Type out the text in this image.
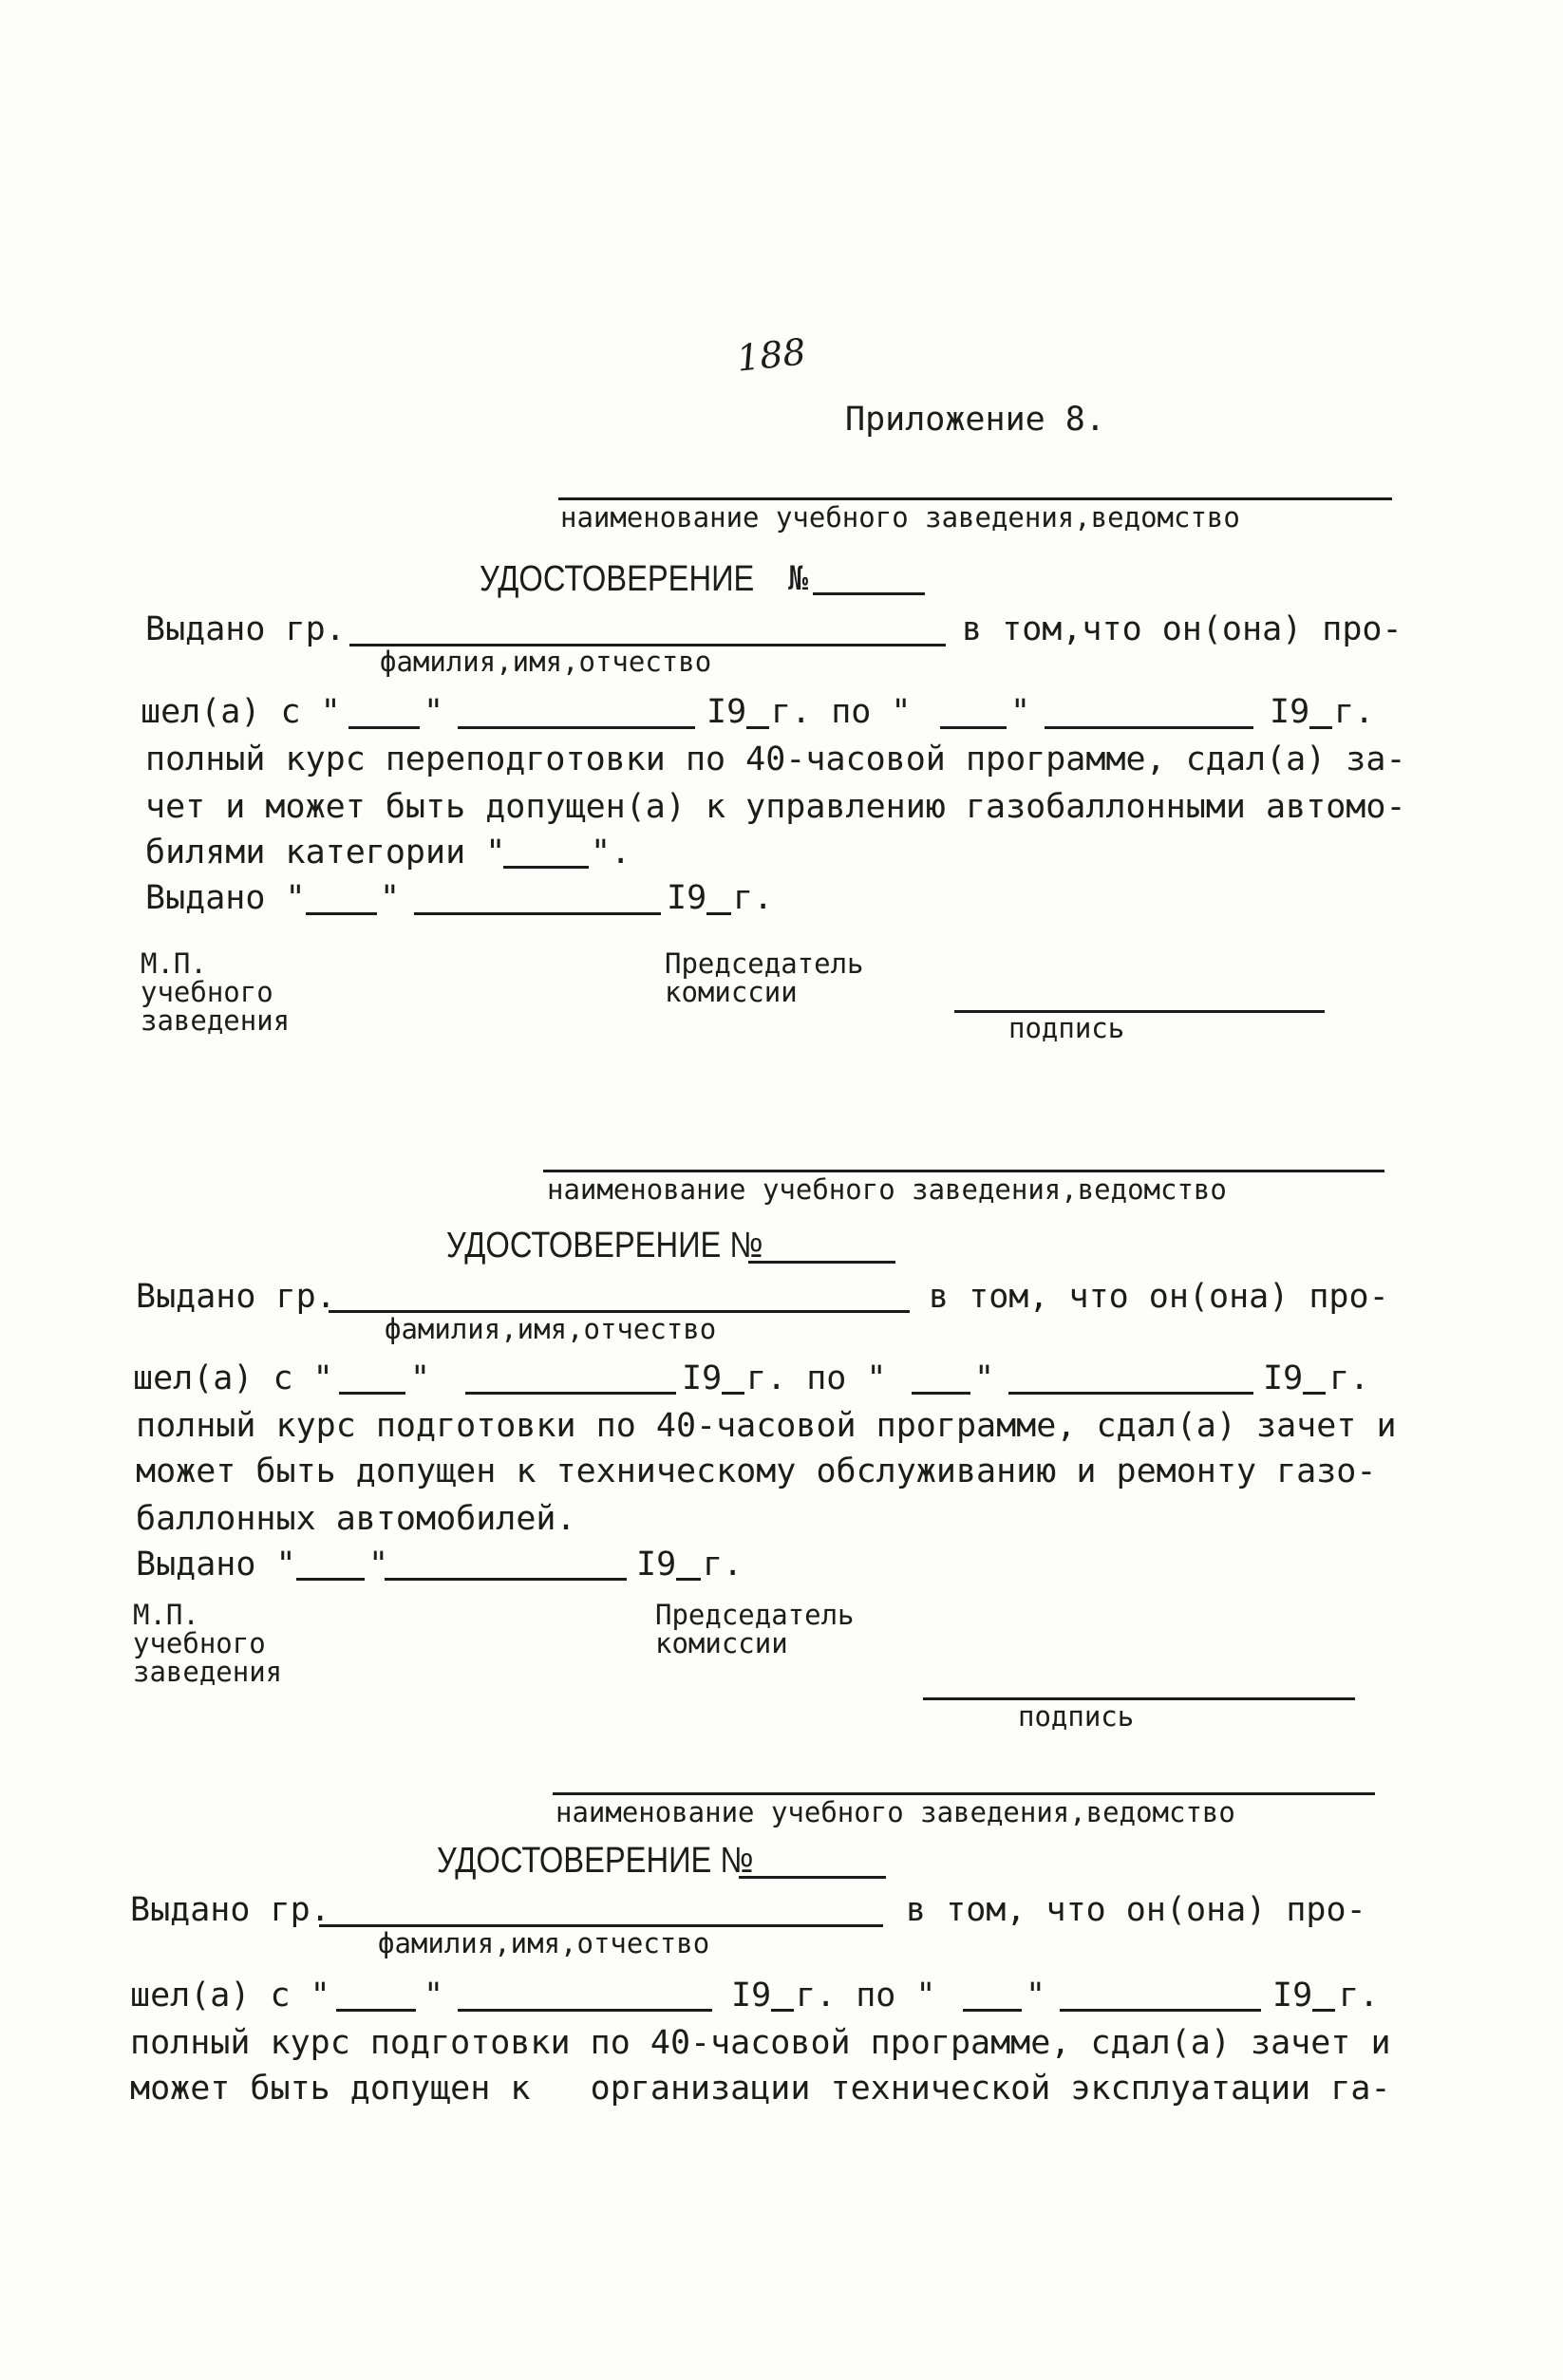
188
Приложение 8.
наименование учебного заведения,ведомство
УДОСТОВЕРЕНИЕ №
Выдано гр.
фамилия,имя,отчество
в том,что он(она) про-
шел(а) с " "	I9 г. по "	"	I9 г.
полный курс переподготовки по 40-часовой программе, сдал(а) за-
чет и может быть допущен(а) к управлению газобаллонными автомо-
билями категории "	".
Выдано " "	I9 г.
М.П.
учебного
заведения
Председатель
комиссии
подпись
наименование учебного заведения,ведомство
УДОСТОВЕРЕНИЕ №
Выдано гр.
фамилия,имя,отчество
в том, что он(она) про-
шел(а) с " "	I9 г. по "	"	I9 г.
полный курс подготовки по 40-часовой программе, сдал(а) зачет и
может быть допущен к техническому обслуживанию и ремонту газо-
баллонных автомобилей.
Выдано " "	I9 г.
М.П.
учебного
заведения
Председатель
комиссии
подпись
наименование учебного заведения,ведомство
УДОСТОВЕРЕНИЕ №
Выдано гр.
фамилия,имя,отчество
в том, что он(она) про-
шел(а) с "	"	I9 г. по "	"	I9 г.
полный курс подготовки по 40-часовой программе, сдал(а) зачет и
может быть допущен к   организации технической эксплуатации га-
